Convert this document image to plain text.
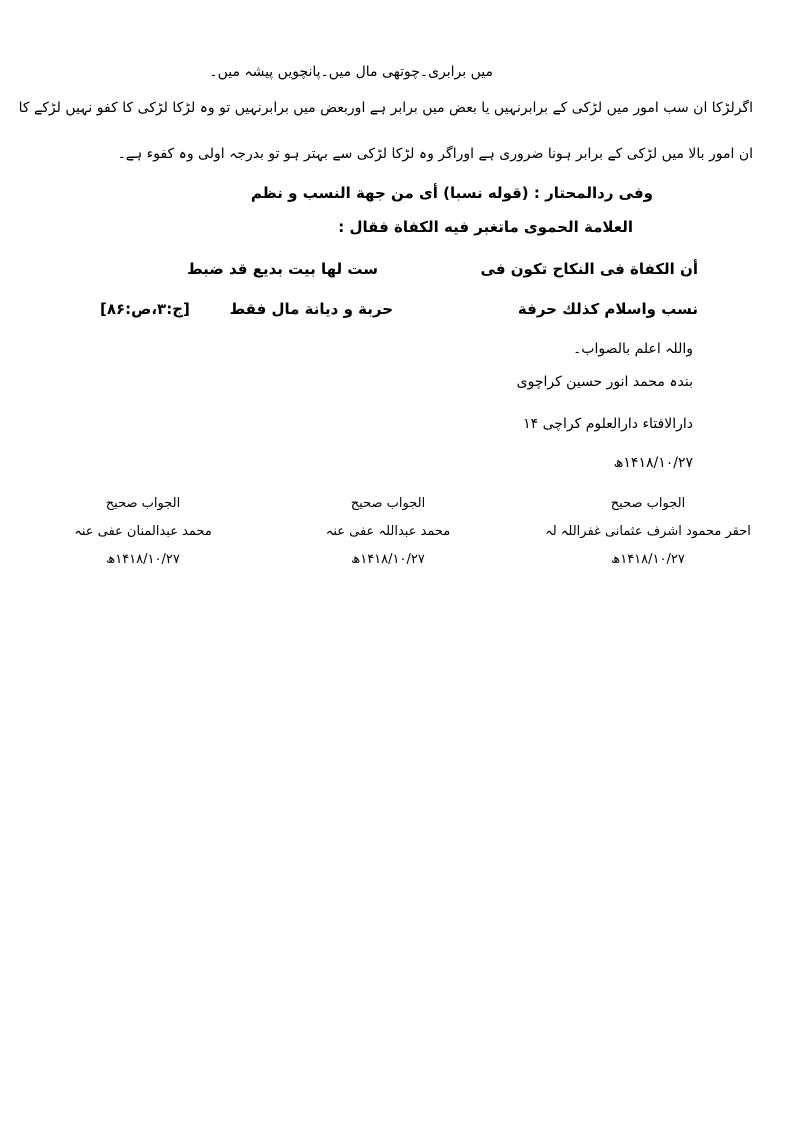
میں برابری۔چوتھی مال میں۔پانچویں پیشہ میں۔
اگرلڑکا ان سب امور میں لڑکی کے برابرنہیں یا بعض میں برابر ہے اوربعض میں برابرنہیں تو وہ لڑکا لڑکی کا کفو نہیں لڑکے کا
ان امور بالا میں لڑکی کے برابر ہونا ضروری ہے اوراگر وہ لڑکا لڑکی سے بہتر ہو تو بدرجہ اولی وہ کفوء ہے۔
وفی ردالمحتار : (قوله نسبا) أی من جهة النسب و نظم
العلامة الحموی ماتغبر فيه الكفاة فقال :
أن الكفاة فی النكاح تكون فی
ست لها بيت بديع قد ضبط
نسب واسلام كذلك حرفة
حربة و ديانة مال فقط
[ج:۳،ص:۸۶]
واللہ اعلم بالصواب۔
بندہ محمد انور حسین کراچوی
دارالافتاء دارالعلوم کراچی ۱۴
۱۴۱۸/۱۰/۲۷ھ
الجواب صحیح
احقر محمود اشرف عثمانی غفراللہ لہ
۱۴۱۸/۱۰/۲۷ھ
الجواب صحیح
محمد عبداللہ عفی عنہ
۱۴۱۸/۱۰/۲۷ھ
الجواب صحیح
محمد عبدالمنان عفی عنہ
۱۴۱۸/۱۰/۲۷ھ
